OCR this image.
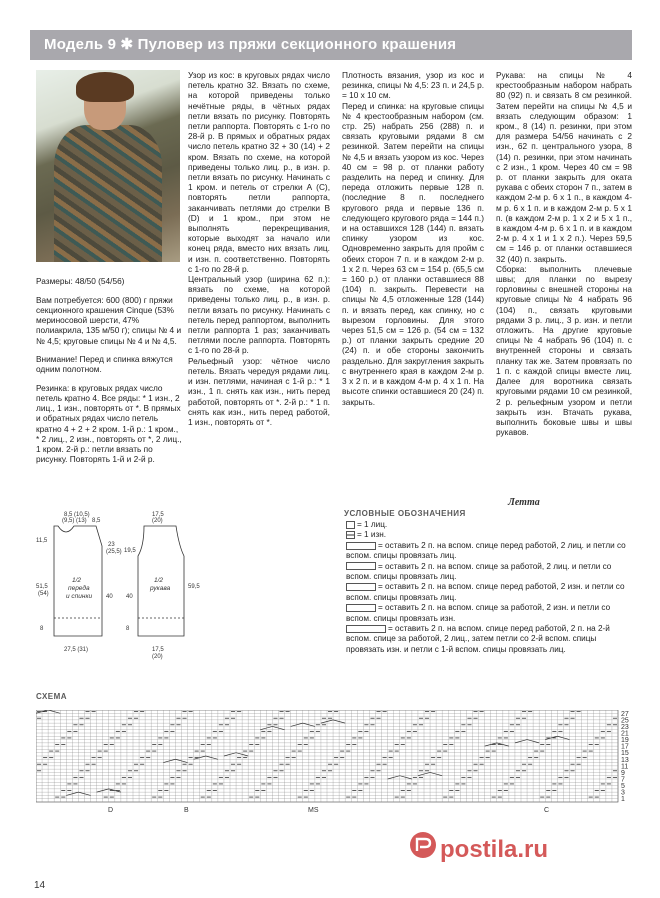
Модель 9 ✱ Пуловер из пряжи секционного крашения

Размеры: 48/50 (54/56)

Вам потребуется: 600 (800) г пряжи секционного крашения Cinque (53% мериносовой шерсти, 47% полиакрила, 135 м/50 г); спицы № 4 и № 4,5; круговые спицы № 4 и № 4,5.

Внимание! Перед и спинка вяжутся одним полотном.

Резинка: в круговых рядах число петель кратно 4. Все ряды: * 1 изн., 2 лиц., 1 изн., повторять от *. В прямых и обратных рядах число петель кратно 4 + 2 + 2 кром. 1-й р.: 1 кром., * 2 лиц., 2 изн., повторять от *, 2 лиц., 1 кром. 2-й р.: петли вязать по рисунку. Повторять 1-й и 2-й р.

Узор из кос: в круговых рядах число петель кратно 32. Вязать по схеме, на которой приведены только нечётные ряды, в чётных рядах петли вязать по рисунку. Повторять петли раппорта. Повторять с 1-го по 28-й р. В прямых и обратных рядах число петель кратно 32 + 30 (14) + 2 кром. Вязать по схеме, на которой приведены только лиц. р., в изн. р. петли вязать по рисунку. Начинать с 1 кром. и петель от стрелки А (С), повторять петли раппорта, заканчивать петлями до стрелки В (D) и 1 кром., при этом не выполнять перекрещивания, которые выходят за начало или конец ряда, вместо них вязать лиц. и изн. п. соответственно. Повторять с 1-го по 28-й р.

Центральный узор (ширина 62 п.): вязать по схеме, на которой приведены только лиц. р., в изн. р. петли вязать по рисунку. Начинать с петель перед раппортом, выполнить петли раппорта 1 раз; заканчивать петлями после раппорта. Повторять с 1-го по 28-й р.

Рельефный узор: чётное число петель. Вязать чередуя рядами лиц. и изн. петлями, начиная с 1-й р.: * 1 изн., 1 п. снять как изн., нить перед работой, повторять от *. 2-й р.: * 1 п. снять как изн., нить перед работой, 1 изн., повторять от *.

Плотность вязания, узор из кос и резинка, спицы № 4,5: 23 п. и 24,5 р. = 10 х 10 см.

Перед и спинка: на круговые спицы № 4 крестообразным набором (см. стр. 25) набрать 256 (288) п. и связать круговыми рядами 8 см резинкой. Затем перейти на спицы № 4,5 и вязать узором из кос. Через 40 см = 98 р. от планки работу разделить на перед и спинку. Для переда отложить первые 128 п. (последние 8 п. последнего кругового ряда и первые 136 п. следующего кругового ряда = 144 п.) и на оставшихся 128 (144) п. вязать спинку узором из кос. Одновременно закрыть для пройм с обеих сторон 7 п. и в каждом 2-м р. 1 х 2 п. Через 63 см = 154 р. (65,5 см = 160 р.) от планки оставшиеся 88 (104) п. закрыть. Перевести на спицы № 4,5 отложенные 128 (144) п. и вязать перед, как спинку, но с вырезом горловины. Для этого через 51,5 см = 126 р. (54 см = 132 р.) от планки закрыть средние 20 (24) п. и обе стороны закончить раздельно. Для закругления закрыть с внутреннего края в каждом 2-м р. 3 х 2 п. и в каждом 4-м р. 4 х 1 п. На высоте спинки оставшиеся 20 (24) п. закрыть.

Рукава: на спицы № 4 крестообразным набором набрать 80 (92) п. и связать 8 см резинкой. Затем перейти на спицы № 4,5 и вязать следующим образом: 1 кром., 8 (14) п. резинки, при этом для размера 54/56 начинать с 2 изн., 62 п. центрального узора, 8 (14) п. резинки, при этом начинать с 2 изн., 1 кром. Через 40 см = 98 р. от планки закрыть для оката рукава с обеих сторон 7 п., затем в каждом 2-м р. 6 х 1 п., в каждом 4-м р. 6 х 1 п. и в каждом 2-м р. 5 х 1 п. (в каждом 2-м р. 1 х 2 и 5 х 1 п., в каждом 4-м р. 6 х 1 п. и в каждом 2-м р. 4 х 1 и 1 х 2 п.). Через 59,5 см = 146 р. от планки оставшиеся 32 (40) п. закрыть.

Сборка: выполнить плечевые швы; для планки по вырезу горловины с внешней стороны на круговые спицы № 4 набрать 96 (104) п., связать круговыми рядами 3 р. лиц., 3 р. изн. и петли отложить. На другие круговые спицы № 4 набрать 96 (104) п. с внутренней стороны и связать планку так же. Затем провязать по 1 п. с каждой спицы вместе лиц. Далее для воротника связать круговыми рядами 10 см резинкой, 2 р. рельефным узором и петли закрыть изн. Втачать рукава, выполнить боковые швы и швы рукавов.

8,5 (10,5)
(9,5) (13) 8,5
11,5
23
(25,5)
51,5
(54)	40
8
27,5 (31)
17,5
(20)
19,5
40
8
59,5
17,5
(20)
1/2
переда
и спинки
1/2
рукава
Летта
УСЛОВНЫЕ ОБОЗНАЧЕНИЯ
= 1 лиц.
= 1 изн.
= оставить 2 п. на вспом. спице перед работой, 2 лиц. и петли со вспом. спицы провязать лиц.
= оставить 2 п. на вспом. спице за работой, 2 лиц. и петли со вспом. спицы провязать лиц.
= оставить 2 п. на вспом. спице перед работой, 2 изн. и петли со вспом. спицы провязать лиц.
= оставить 2 п. на вспом. спице за работой, 2 изн. и петли со вспом. спицы провязать изн.
= оставить 2 п. на вспом. спице перед работой, 2 п. на 2-й вспом. спице за работой, 2 лиц., затем петли со 2-й вспом. спицы провязать изн. и петли с 1-й вспом. спицы провязать лиц.
СХЕМА
27
25
23
21
19
17
15
13
11
9
7
5
3
1
D	B	MS	C
14
postila.ru
